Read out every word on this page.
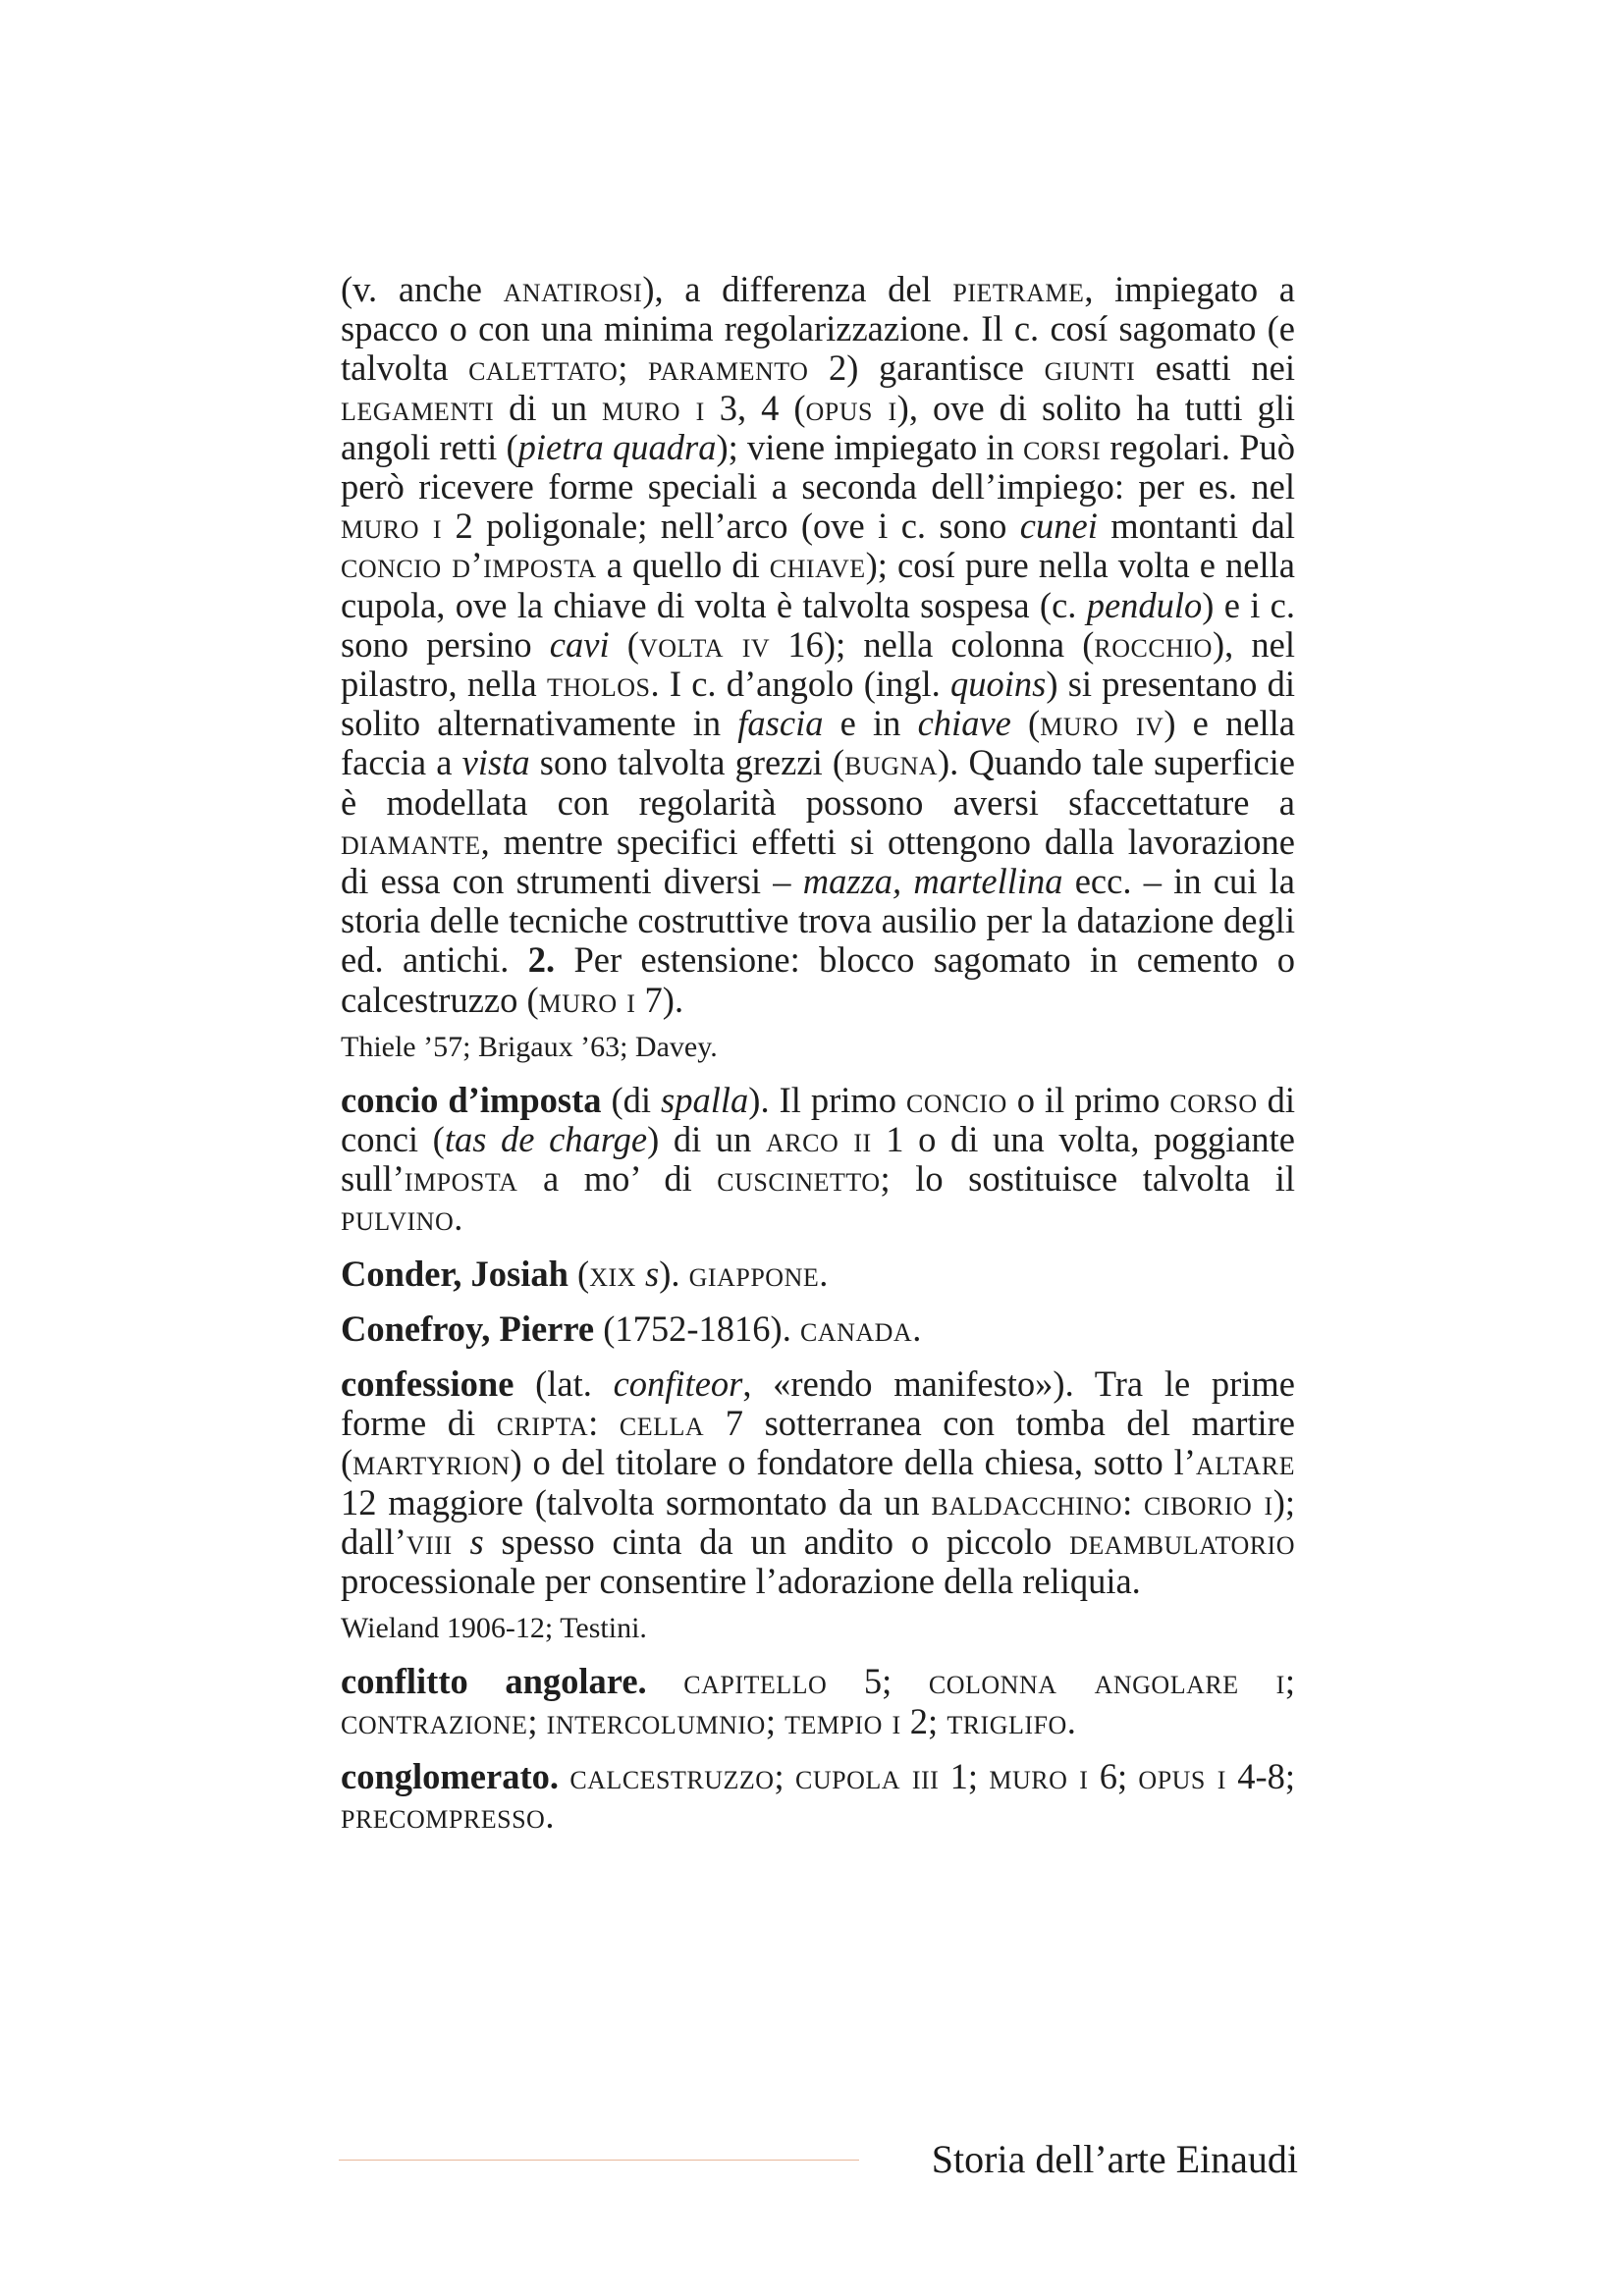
(v. anche anatirosi), a differenza del pietrame, impiegato a spacco o con una minima regolarizzazione. Il c. cosí sagomato (e talvolta calettato; paramento 2) garantisce giunti esatti nei legamenti di un muro i 3, 4 (opus i), ove di solito ha tutti gli angoli retti (pietra quadra); viene impiegato in corsi regolari. Può però ricevere forme speciali a seconda dell’impiego: per es. nel muro i 2 poligonale; nell’arco (ove i c. sono cunei montanti dal concio d’imposta a quello di chiave); cosí pure nella volta e nella cupola, ove la chiave di volta è talvolta sospesa (c. pendulo) e i c. sono persino cavi (volta iv 16); nella colonna (rocchio), nel pilastro, nella tholos. I c. d’angolo (ingl. quoins) si presentano di solito alternativamente in fascia e in chiave (muro iv) e nella faccia a vista sono talvolta grezzi (bugna). Quando tale superficie è modellata con regolarità possono aversi sfaccettature a diamante, mentre specifici effetti si ottengono dalla lavorazione di essa con strumenti diversi – mazza, martellina ecc. – in cui la storia delle tecniche costruttive trova ausilio per la datazione degli ed. antichi. 2. Per estensione: blocco sagomato in cemento o calcestruzzo (muro i 7).

Thiele ’57; Brigaux ’63; Davey.

concio d’imposta (di spalla). Il primo concio o il primo corso di conci (tas de charge) di un arco ii 1 o di una volta, poggiante sull’imposta a mo’ di cuscinetto; lo sostituisce talvolta il pulvino.

Conder, Josiah (xix s). giappone.

Conefroy, Pierre (1752-1816). canada.

confessione (lat. confiteor, «rendo manifesto»). Tra le prime forme di cripta: cella 7 sotterranea con tomba del martire (martyrion) o del titolare o fondatore della chiesa, sotto l’altare 12 maggiore (talvolta sormontato da un baldacchino: ciborio i); dall’viii s spesso cinta da un andito o piccolo deambulatorio processionale per consentire l’adorazione della reliquia.

Wieland 1906-12; Testini.

conflitto angolare. capitello 5; colonna angolare i; contrazione; intercolumnio; tempio i 2; triglifo.

conglomerato. calcestruzzo; cupola iii 1; muro i 6; opus i 4-8; precompresso.

Storia dell’arte Einaudi
